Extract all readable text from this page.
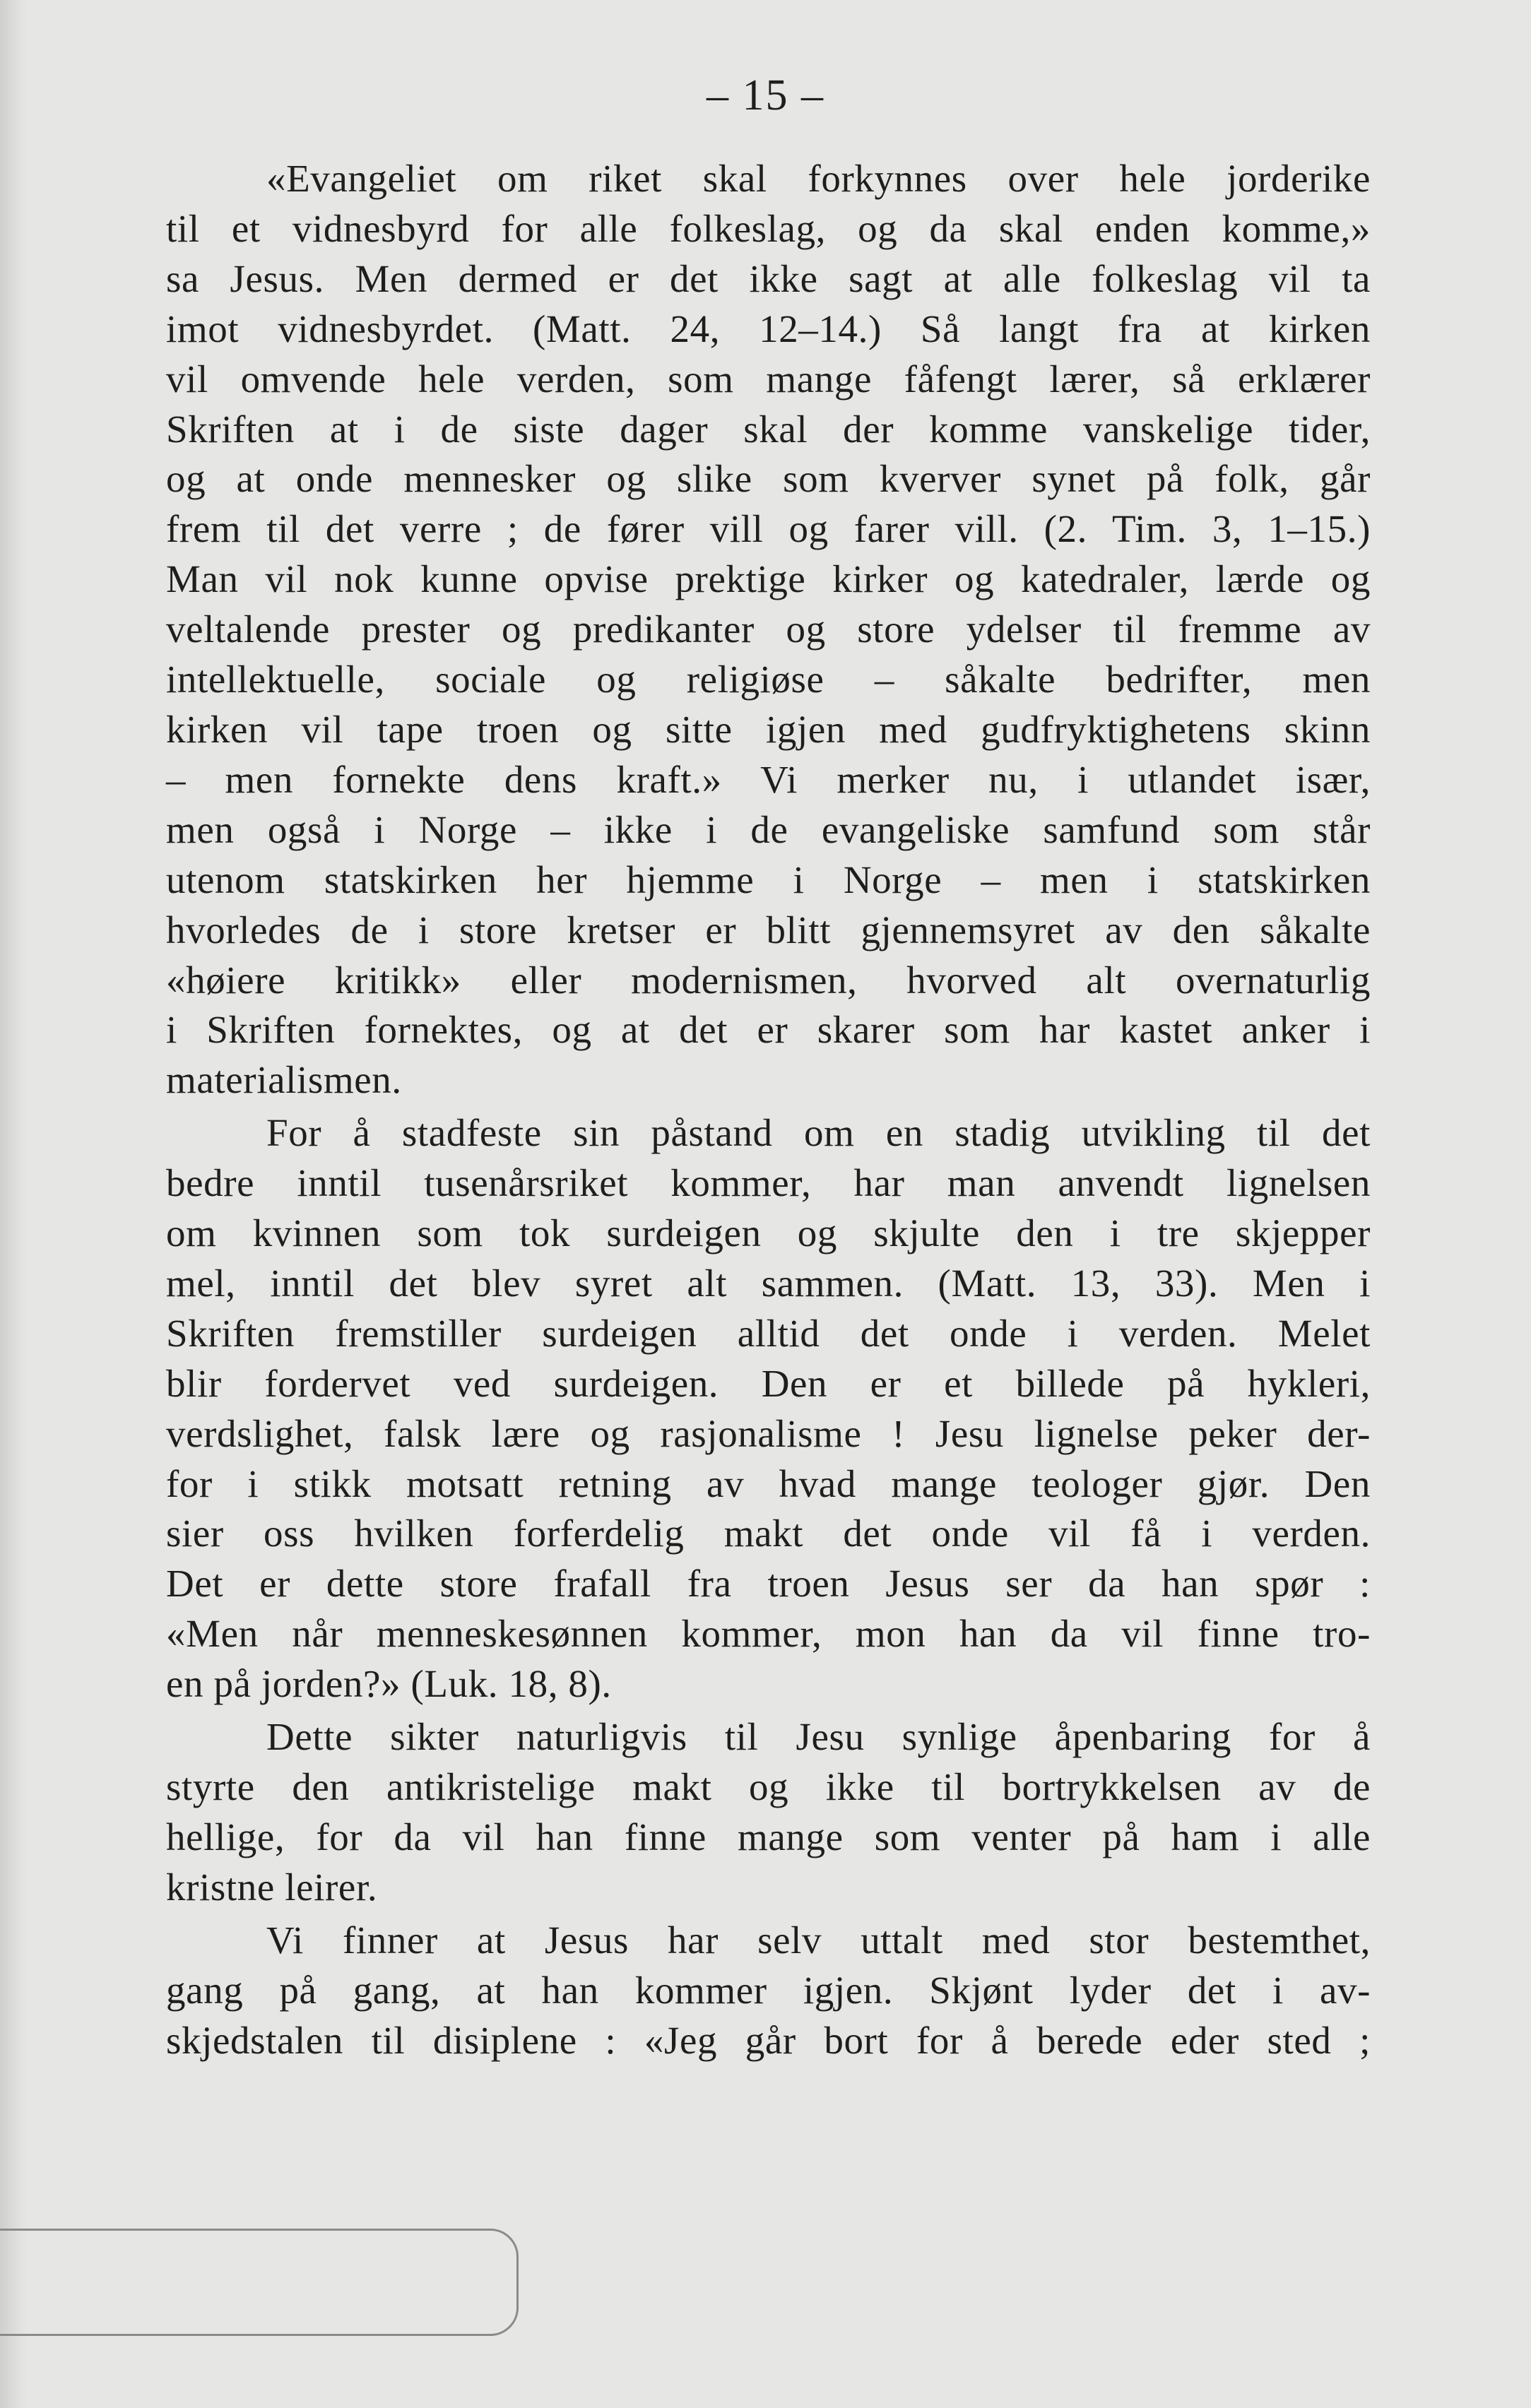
– 15 –
«Evangeliet om riket skal forkynnes over hele jorderike
til et vidnesbyrd for alle folkeslag, og da skal enden komme,»
sa Jesus. Men dermed er det ikke sagt at alle folkeslag vil ta
imot vidnesbyrdet. (Matt. 24, 12–14.) Så langt fra at kirken
vil omvende hele verden, som mange fåfengt lærer, så erklærer
Skriften at i de siste dager skal der komme vanskelige tider,
og at onde mennesker og slike som kverver synet på folk, går
frem til det verre ; de fører vill og farer vill. (2. Tim. 3, 1–15.)
Man vil nok kunne opvise prektige kirker og katedraler, lærde og
veltalende prester og predikanter og store ydelser til fremme av
intellektuelle, sociale og religiøse – såkalte bedrifter, men
kirken vil tape troen og sitte igjen med gudfryktighetens skinn
– men fornekte dens kraft.» Vi merker nu, i utlandet især,
men også i Norge – ikke i de evangeliske samfund som står
utenom statskirken her hjemme i Norge – men i statskirken
hvorledes de i store kretser er blitt gjennemsyret av den såkalte
«høiere kritikk» eller modernismen, hvorved alt overnaturlig
i Skriften fornektes, og at det er skarer som har kastet anker i
materialismen.
For å stadfeste sin påstand om en stadig utvikling til det
bedre inntil tusenårsriket kommer, har man anvendt lignelsen
om kvinnen som tok surdeigen og skjulte den i tre skjepper
mel, inntil det blev syret alt sammen. (Matt. 13, 33). Men i
Skriften fremstiller surdeigen alltid det onde i verden. Melet
blir fordervet ved surdeigen. Den er et billede på hykleri,
verdslighet, falsk lære og rasjonalisme ! Jesu lignelse peker der-
for i stikk motsatt retning av hvad mange teologer gjør. Den
sier oss hvilken forferdelig makt det onde vil få i verden.
Det er dette store frafall fra troen Jesus ser da han spør :
«Men når menneskesønnen kommer, mon han da vil finne tro-
en på jorden?» (Luk. 18, 8).
Dette sikter naturligvis til Jesu synlige åpenbaring for å
styrte den antikristelige makt og ikke til bortrykkelsen av de
hellige, for da vil han finne mange som venter på ham i alle
kristne leirer.
Vi finner at Jesus har selv uttalt med stor bestemthet,
gang på gang, at han kommer igjen. Skjønt lyder det i av-
skjedstalen til disiplene : «Jeg går bort for å berede eder sted ;
